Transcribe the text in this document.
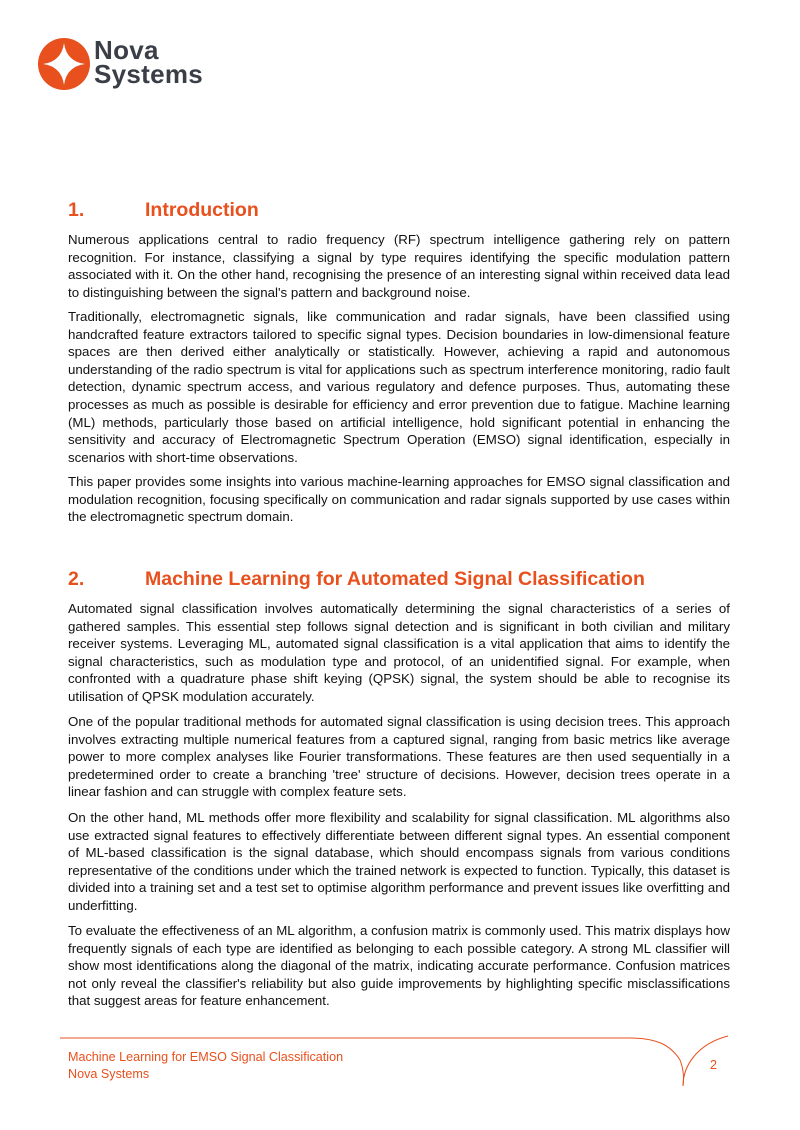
Nova
Systems
1.	Introduction

Numerous applications central to radio frequency (RF) spectrum intelligence gathering rely on pattern recognition. For instance, classifying a signal by type requires identifying the specific modulation pattern associated with it. On the other hand, recognising the presence of an interesting signal within received data lead to distinguishing between the signal's pattern and background noise.

Traditionally, electromagnetic signals, like communication and radar signals, have been classified using handcrafted feature extractors tailored to specific signal types. Decision boundaries in low-dimensional feature spaces are then derived either analytically or statistically. However, achieving a rapid and autonomous understanding of the radio spectrum is vital for applications such as spectrum interference monitoring, radio fault detection, dynamic spectrum access, and various regulatory and defence purposes. Thus, automating these processes as much as possible is desirable for efficiency and error prevention due to fatigue. Machine learning (ML) methods, particularly those based on artificial intelligence, hold significant potential in enhancing the sensitivity and accuracy of Electromagnetic Spectrum Operation (EMSO) signal identification, especially in scenarios with short-time observations.

This paper provides some insights into various machine-learning approaches for EMSO signal classification and modulation recognition, focusing specifically on communication and radar signals supported by use cases within the electromagnetic spectrum domain.

2.	Machine Learning for Automated Signal Classification

Automated signal classification involves automatically determining the signal characteristics of a series of gathered samples. This essential step follows signal detection and is significant in both civilian and military receiver systems. Leveraging ML, automated signal classification is a vital application that aims to identify the signal characteristics, such as modulation type and protocol, of an unidentified signal. For example, when confronted with a quadrature phase shift keying (QPSK) signal, the system should be able to recognise its utilisation of QPSK modulation accurately.

One of the popular traditional methods for automated signal classification is using decision trees. This approach involves extracting multiple numerical features from a captured signal, ranging from basic metrics like average power to more complex analyses like Fourier transformations. These features are then used sequentially in a predetermined order to create a branching 'tree' structure of decisions. However, decision trees operate in a linear fashion and can struggle with complex feature sets.

On the other hand, ML methods offer more flexibility and scalability for signal classification. ML algorithms also use extracted signal features to effectively differentiate between different signal types. An essential component of ML-based classification is the signal database, which should encompass signals from various conditions representative of the conditions under which the trained network is expected to function. Typically, this dataset is divided into a training set and a test set to optimise algorithm performance and prevent issues like overfitting and underfitting.

To evaluate the effectiveness of an ML algorithm, a confusion matrix is commonly used. This matrix displays how frequently signals of each type are identified as belonging to each possible category. A strong ML classifier will show most identifications along the diagonal of the matrix, indicating accurate performance. Confusion matrices not only reveal the classifier's reliability but also guide improvements by highlighting specific misclassifications that suggest areas for feature enhancement.

Machine Learning for EMSO Signal Classification
Nova Systems
2
